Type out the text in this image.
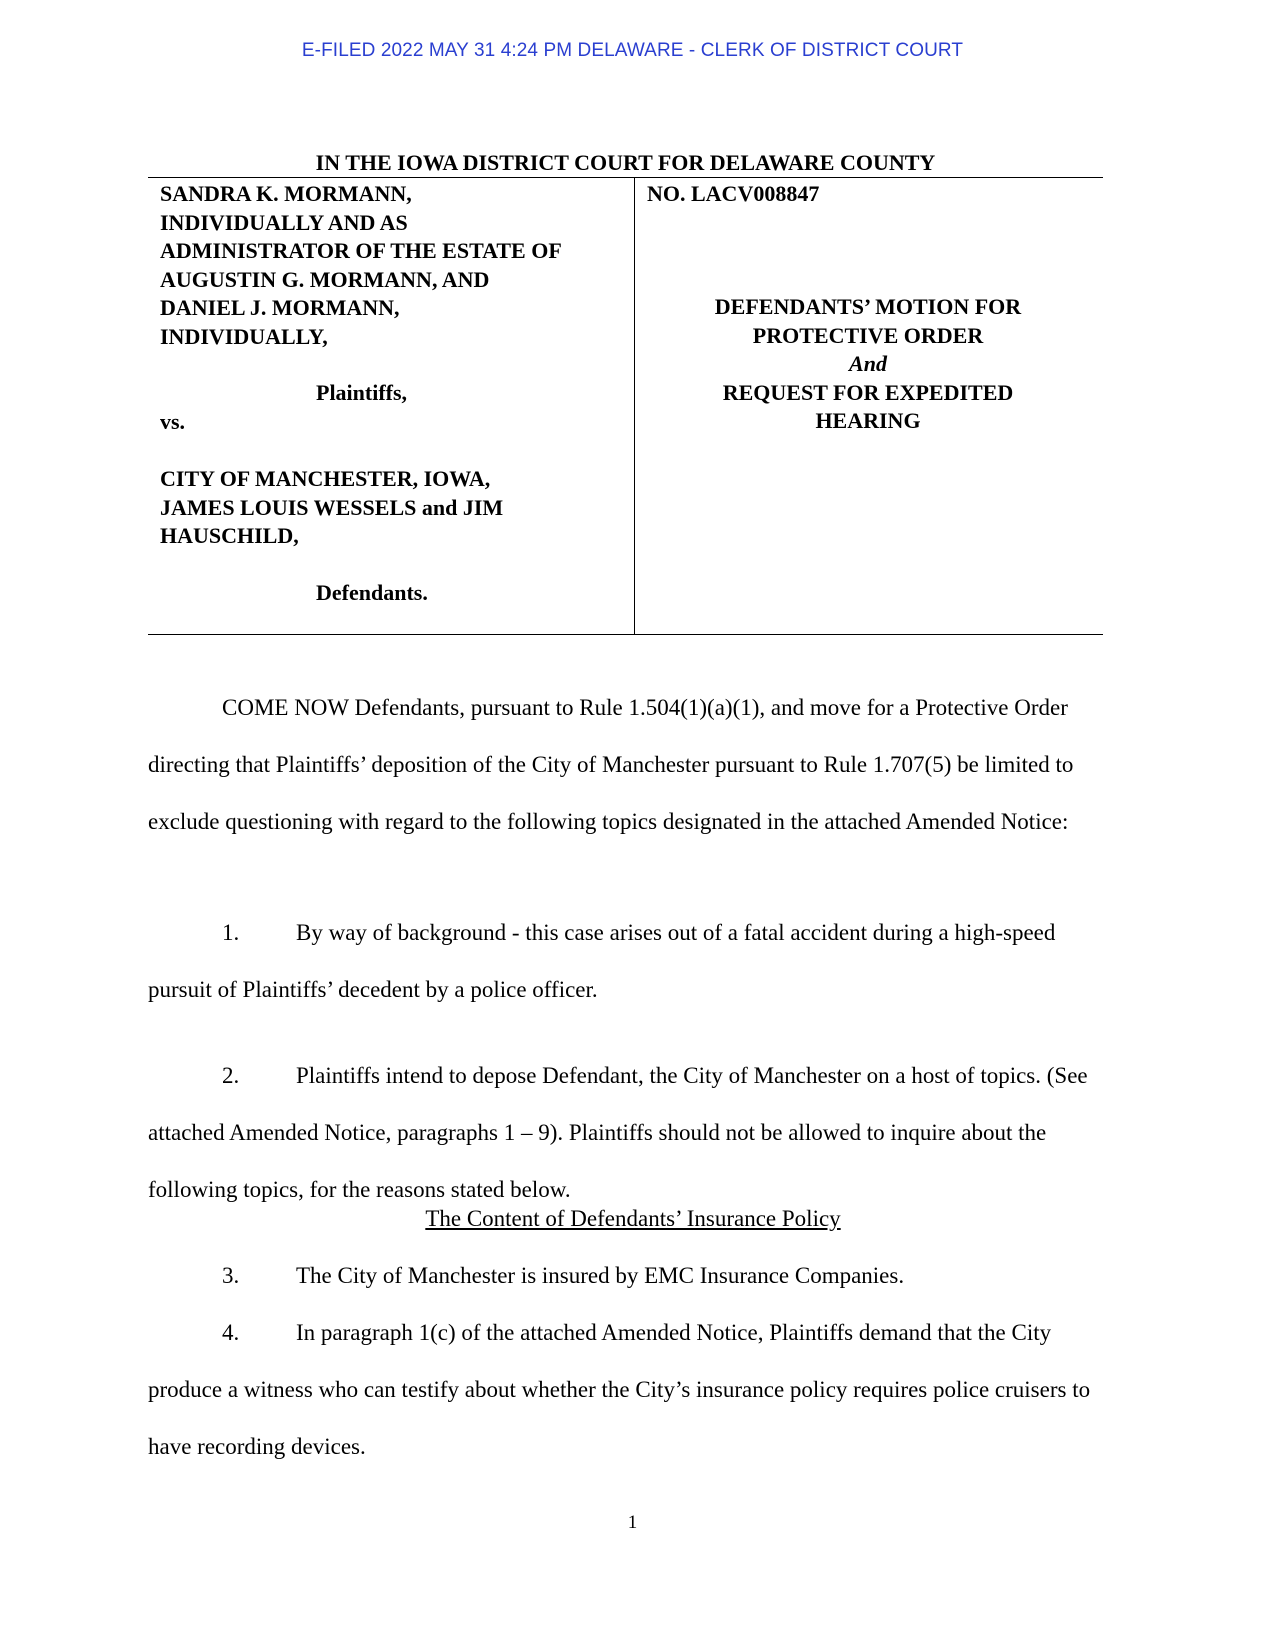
E-FILED 2022 MAY 31 4:24 PM DELAWARE - CLERK OF DISTRICT COURT
IN THE IOWA DISTRICT COURT FOR DELAWARE COUNTY
SANDRA K. MORMANN,
INDIVIDUALLY AND AS
ADMINISTRATOR OF THE ESTATE OF
AUGUSTIN G. MORMANN, AND
DANIEL J. MORMANN,
INDIVIDUALLY,
Plaintiffs,
vs.
CITY OF MANCHESTER, IOWA,
JAMES LOUIS WESSELS and JIM
HAUSCHILD,
Defendants.
NO. LACV008847
DEFENDANTS’ MOTION FOR
PROTECTIVE ORDER
And
REQUEST FOR EXPEDITED
HEARING
COME NOW Defendants, pursuant to Rule 1.504(1)(a)(1), and move for a Protective Order directing that Plaintiffs’ deposition of the City of Manchester pursuant to Rule 1.707(5) be limited to exclude questioning with regard to the following topics designated in the attached Amended Notice:
1. By way of background - this case arises out of a fatal accident during a high-speed pursuit of Plaintiffs’ decedent by a police officer.
2. Plaintiffs intend to depose Defendant, the City of Manchester on a host of topics. (See attached Amended Notice, paragraphs 1 – 9). Plaintiffs should not be allowed to inquire about the following topics, for the reasons stated below.
The Content of Defendants’ Insurance Policy
3. The City of Manchester is insured by EMC Insurance Companies.
4. In paragraph 1(c) of the attached Amended Notice, Plaintiffs demand that the City produce a witness who can testify about whether the City’s insurance policy requires police cruisers to have recording devices.
1
